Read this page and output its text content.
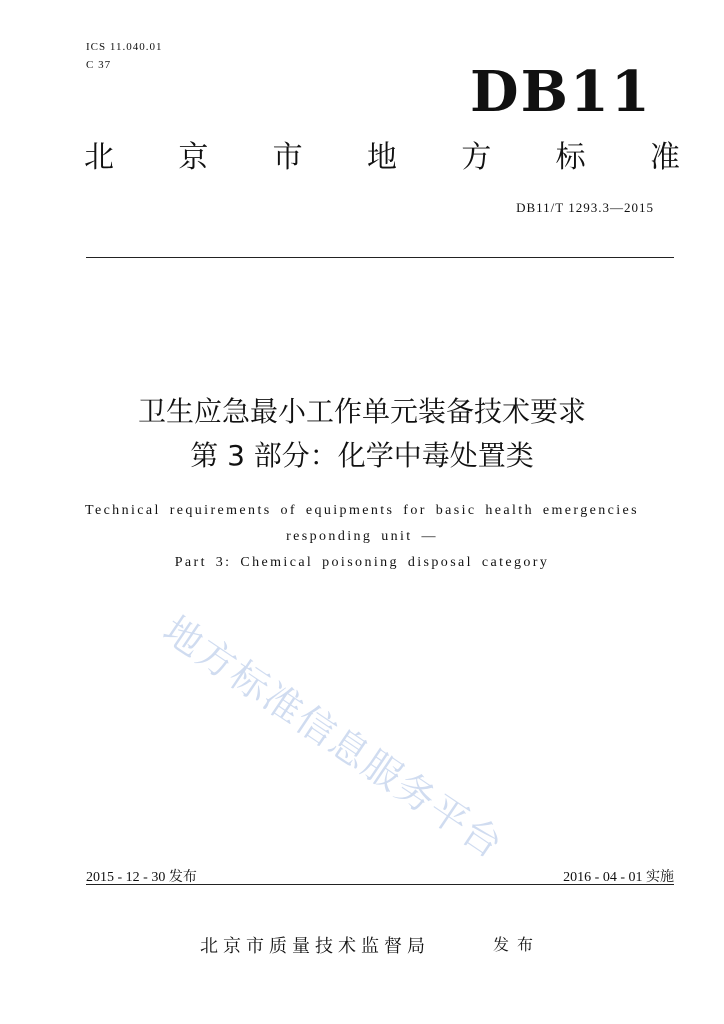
ICS 11.040.01
C 37	DB11
北 京 市 地 方 标 准
DB11/T 1293.3—2015
卫生应急最小工作单元装备技术要求
第 3 部分：化学中毒处置类
Technical requirements of equipments for basic health emergencies
responding unit —
Part 3: Chemical poisoning disposal category
地方标准信息服务平台
2015 - 12 - 30 发布	2016 - 04 - 01 实施
北京市质量技术监督局	发布
